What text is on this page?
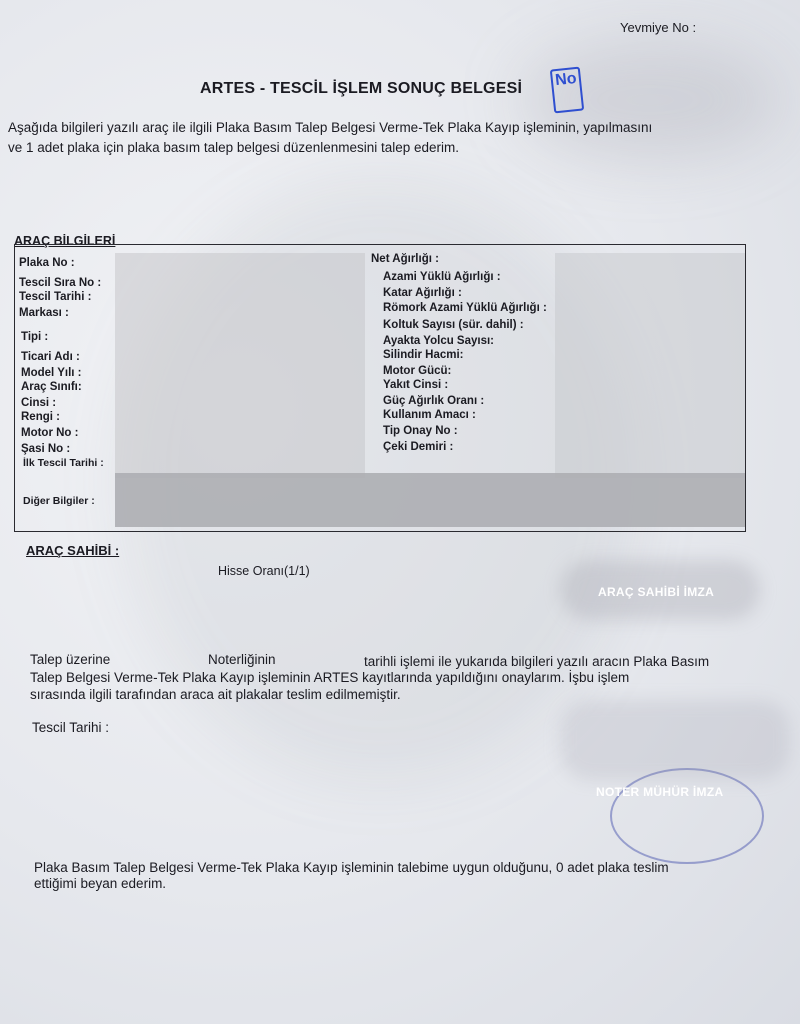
Yevmiye No :
ARTES - TESCİL İŞLEM SONUÇ BELGESİ No
Aşağıda bilgileri yazılı araç ile ilgili Plaka Basım Talep Belgesi Verme-Tek Plaka Kayıp işleminin, yapılmasını
ve 1 adet plaka için plaka basım talep belgesi düzenlenmesini talep ederim.
ARAÇ BİLGİLERİ
Plaka No :
Tescil Sıra No :
Tescil Tarihi :
Markası :
Tipi :
Ticari Adı :
Model Yılı :
Araç Sınıfı:
Cinsi :
Rengi :
Motor No :
Şasi No :
İlk Tescil Tarihi :
Diğer Bilgiler :
Net Ağırlığı :
Azami Yüklü Ağırlığı :
Katar Ağırlığı :
Römork Azami Yüklü Ağırlığı :
Koltuk Sayısı (sür. dahil) :
Ayakta Yolcu Sayısı:
Silindir Hacmi:
Motor Gücü:
Yakıt Cinsi :
Güç Ağırlık Oranı :
Kullanım Amacı :
Tip Onay No :
Çeki Demiri :
ARAÇ SAHİBİ :
Hisse Oranı(1/1)
ARAÇ SAHİBİ İMZA
Talep üzerine	Noterliğinin	tarihli işlemi ile yukarıda bilgileri yazılı aracın Plaka Basım
Talep Belgesi Verme-Tek Plaka Kayıp işleminin ARTES kayıtlarında yapıldığını onaylarım. İşbu işlem
sırasında ilgili tarafından araca ait plakalar teslim edilmemiştir.
Tescil Tarihi :
NOTER MÜHÜR İMZA
Plaka Basım Talep Belgesi Verme-Tek Plaka Kayıp işleminin talebime uygun olduğunu, 0 adet plaka teslim
ettiğimi beyan ederim.
